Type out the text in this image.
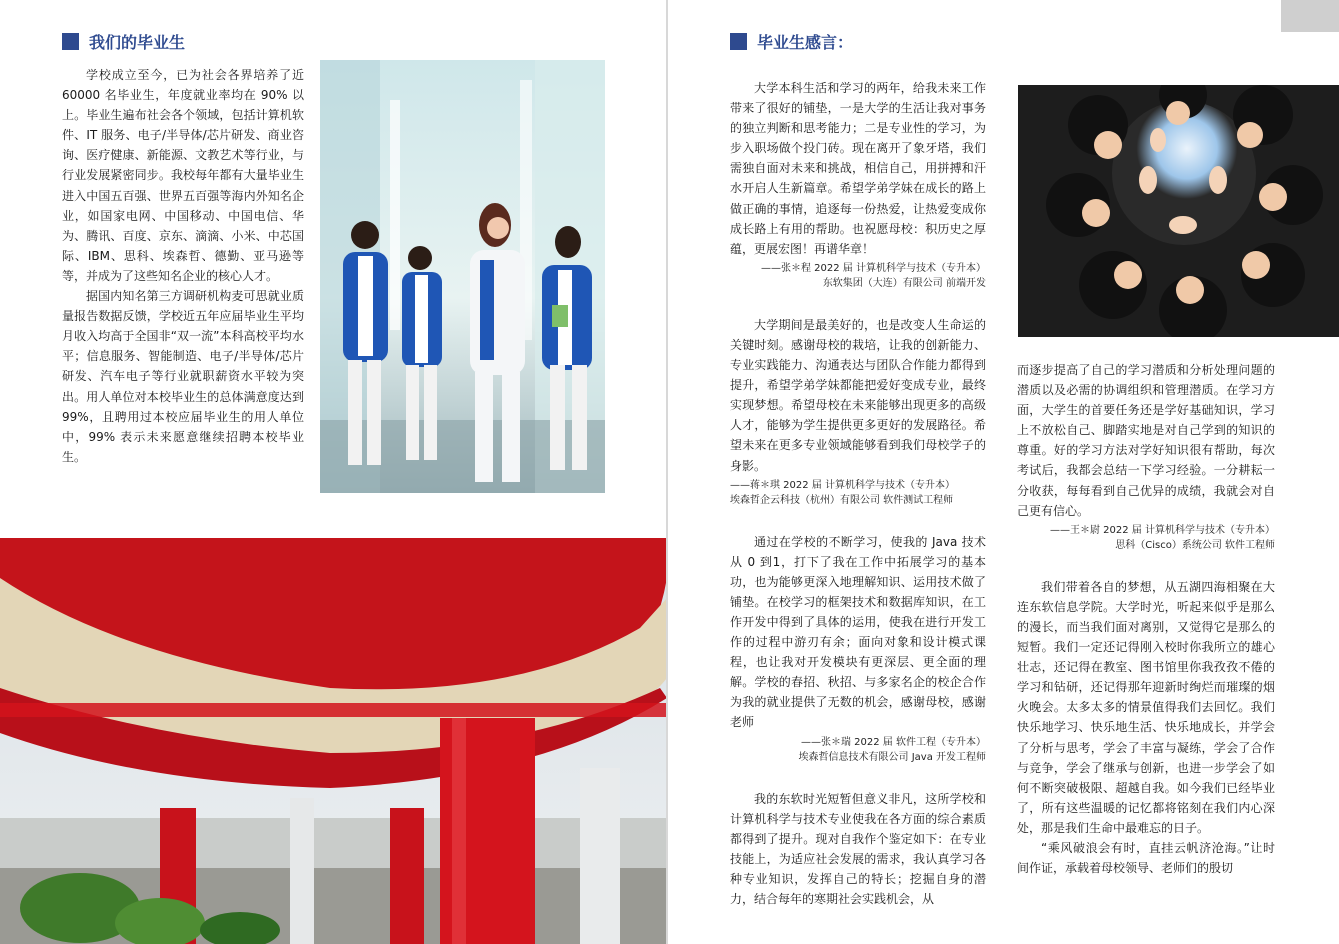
我们的毕业生

学校成立至今，已为社会各界培养了近60000 名毕业生，年度就业率均在 90% 以上。毕业生遍布社会各个领域，包括计算机软件、IT 服务、电子/半导体/芯片研发、商业咨询、医疗健康、新能源、文教艺术等行业，与行业发展紧密同步。我校每年都有大量毕业生进入中国五百强、世界五百强等海内外知名企业，如国家电网、中国移动、中国电信、华为、腾讯、百度、京东、滴滴、小米、中芯国际、IBM、思科、埃森哲、德勤、亚马逊等等，并成为了这些知名企业的核心人才。

据国内知名第三方调研机构麦可思就业质量报告数据反馈，学校近五年应届毕业生平均月收入均高于全国非“双一流”本科高校平均水平；信息服务、智能制造、电子/半导体/芯片研发、汽车电子等行业就职薪资水平较为突出。用人单位对本校毕业生的总体满意度达到 99%，且聘用过本校应届毕业生的用人单位中，99% 表示未来愿意继续招聘本校毕业生。

毕业生感言：

大学本科生活和学习的两年，给我未来工作带来了很好的铺垫，一是大学的生活让我对事务的独立判断和思考能力；二是专业性的学习，为步入职场做个投门砖。现在离开了象牙塔，我们需独自面对未来和挑战，相信自己，用拼搏和汗水开启人生新篇章。希望学弟学妹在成长的路上做正确的事情，追逐每一份热爱，让热爱变成你成长路上有用的帮助。也祝愿母校：积历史之厚蕴，更展宏图！再谱华章！

——张＊程 2022 届 计算机科学与技术（专升本）
东软集团（大连）有限公司 前端开发

大学期间是最美好的，也是改变人生命运的关键时刻。感谢母校的栽培，让我的创新能力、专业实践能力、沟通表达与团队合作能力都得到提升，希望学弟学妹都能把爱好变成专业，最终实现梦想。希望母校在未来能够出现更多的高级人才，能够为学生提供更多更好的发展路径。希望未来在更多专业领域能够看到我们母校学子的身影。

——蒋＊琪 2022 届 计算机科学与技术（专升本）
埃森哲企云科技（杭州）有限公司 软件测试工程师

通过在学校的不断学习，使我的 Java 技术从 0 到1，打下了我在工作中拓展学习的基本功，也为能够更深入地理解知识、运用技术做了铺垫。在校学习的框架技术和数据库知识，在工作开发中得到了具体的运用，使我在进行开发工作的过程中游刃有余；面向对象和设计模式课程，也让我对开发模块有更深层、更全面的理解。学校的春招、秋招、与多家名企的校企合作为我的就业提供了无数的机会，感谢母校，感谢老师

——张＊瑞 2022 届 软件工程（专升本）
埃森哲信息技术有限公司 Java 开发工程师

我的东软时光短暂但意义非凡，这所学校和计算机科学与技术专业使我在各方面的综合素质都得到了提升。现对自我作个鉴定如下：在专业技能上，为适应社会发展的需求，我认真学习各种专业知识，发挥自己的特长；挖掘自身的潜力，结合每年的寒期社会实践机会，从

而逐步提高了自己的学习潜质和分析处理问题的潜质以及必需的协调组织和管理潜质。在学习方面，大学生的首要任务还是学好基础知识，学习上不放松自己、脚踏实地是对自己学到的知识的尊重。好的学习方法对学好知识很有帮助，每次考试后，我都会总结一下学习经验。一分耕耘一分收获，每每看到自己优异的成绩，我就会对自己更有信心。

——王＊尉 2022 届 计算机科学与技术（专升本）
思科（Cisco）系统公司 软件工程师

我们带着各自的梦想，从五湖四海相聚在大连东软信息学院。大学时光，听起来似乎是那么的漫长，而当我们面对离别，又觉得它是那么的短暂。我们一定还记得刚入校时你我所立的雄心壮志，还记得在教室、图书馆里你我孜孜不倦的学习和钻研，还记得那年迎新时绚烂而璀璨的烟火晚会。太多太多的情景值得我们去回忆。我们快乐地学习、快乐地生活、快乐地成长，并学会了分析与思考，学会了丰富与凝练，学会了合作与竞争，学会了继承与创新，也进一步学会了如何不断突破极限、超越自我。如今我们已经毕业了，所有这些温暖的记忆都将铭刻在我们内心深处，那是我们生命中最难忘的日子。

“乘风破浪会有时，直挂云帆济沧海。”让时间作证，承载着母校领导、老师们的殷切
